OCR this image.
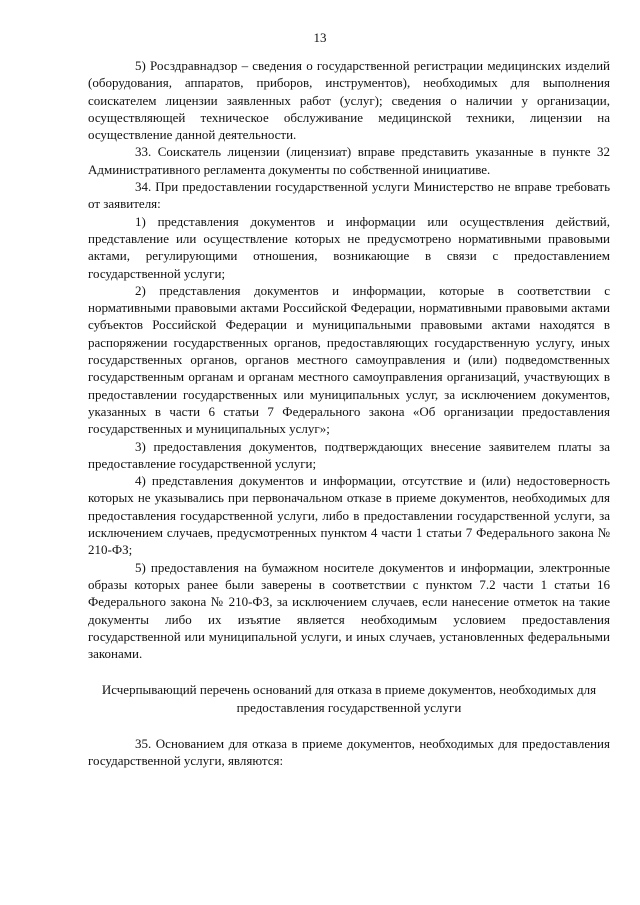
13

5) Росздравнадзор – сведения о государственной регистрации медицинских изделий (оборудования, аппаратов, приборов, инструментов), необходимых для выполнения соискателем лицензии заявленных работ (услуг); сведения о наличии у организации, осуществляющей техническое обслуживание медицинской техники, лицензии на осуществление данной деятельности.

33. Соискатель лицензии (лицензиат) вправе представить указанные в пункте 32 Административного регламента документы по собственной инициативе.

34. При предоставлении государственной услуги Министерство не вправе требовать от заявителя:

1) представления документов и информации или осуществления действий, представление или осуществление которых не предусмотрено нормативными правовыми актами, регулирующими отношения, возникающие в связи с предоставлением государственной услуги;

2) представления документов и информации, которые в соответствии с нормативными правовыми актами Российской Федерации, нормативными правовыми актами субъектов Российской Федерации и муниципальными правовыми актами находятся в распоряжении государственных органов, предоставляющих государственную услугу, иных государственных органов, органов местного самоуправления и (или) подведомственных государственным органам и органам местного самоуправления организаций, участвующих в предоставлении государственных или муниципальных услуг, за исключением документов, указанных в части 6 статьи 7 Федерального закона «Об организации предоставления государственных и муниципальных услуг»;

3) предоставления документов, подтверждающих внесение заявителем платы за предоставление государственной услуги;

4) представления документов и информации, отсутствие и (или) недостоверность которых не указывались при первоначальном отказе в приеме документов, необходимых для предоставления государственной услуги, либо в предоставлении государственной услуги, за исключением случаев, предусмотренных пунктом 4 части 1 статьи 7 Федерального закона № 210-ФЗ;

5) предоставления на бумажном носителе документов и информации, электронные образы которых ранее были заверены в соответствии с пунктом 7.2 части 1 статьи 16 Федерального закона № 210-ФЗ, за исключением случаев, если нанесение отметок на такие документы либо их изъятие является необходимым условием предоставления государственной или муниципальной услуги, и иных случаев, установленных федеральными законами.

Исчерпывающий перечень оснований для отказа в приеме документов, необходимых для предоставления государственной услуги

35. Основанием для отказа в приеме документов, необходимых для предоставления государственной услуги, являются:
